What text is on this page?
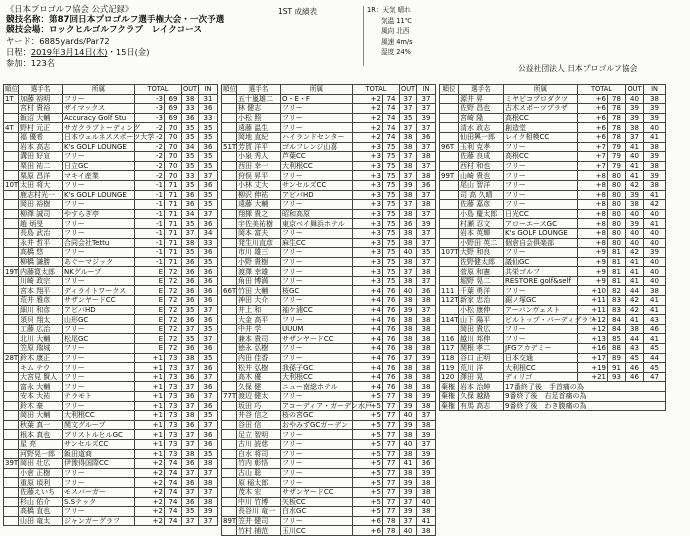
《日本プロゴルフ協会 公式記録》
競技名称：第87回日本プロゴルフ選手権大会・一次予選
競技会場：ロックヒルゴルフクラブ　レイクコース
ヤード：6885yards/Par72
日程：2019年3月14日(木)・15日(金)
参加：123名
1ST 成績表	1R：天気 晴れ
気温 11℃
風向 北西
風速 4m/s
湿度 24%
公益社団法人 日本プロゴルフ協会
順位	選手名	所属	TOTAL		OUT	IN
1T	加藤 裕明	フリー	-3	69	38	31
	宮村 貴裕	ザイマックス	-3	69	33	36
	飯沼 大輔	Accuracy Golf Stu	-3	69	36	33
4T	野村 元正	サガクラブトーディング	-2	70	35	35
	福 優希	日本ウェルネススポーツ大学	-2	70	35	35
	岩本 高志	K's GOLF LOUNGE	-2	70	34	36
	溝田 好宣	フリー	-2	70	35	35
	栗田 祐二	日立GC	-2	70	35	35
	栗原 昌洋	マキイ産業	-2	70	33	37
10T	太田 将大	フリー	-1	71	35	36
	鹿志村光一	K's GOLF LOUNGE	-1	71	36	35
	岡田 裕樹	フリー	-1	71	36	35
	柳澤 誠司	やすらぎ亭	-1	71	34	37
	趙 炳旻	フリー	-1	71	35	36
	長島 武治	フリー	-1	71	37	34
	永井 哲平	合同会社Tettu	-1	71	38	33
	高橋 悠	フリー	-1	71	35	36
	柳橋 謙勝	あぐーマジック	-1	71	36	35
19T	内藤寛太郎	NKグループ	E	72	36	36
	川崎 政宗	フリー	E	72	36	36
	宮本 翔平	ディライトワークス	E	72	36	36
	荒井 雅彦	サザンヤードCC	E	72	36	36
	細川 和彦	アビバHD	E	72	35	37
	須貝 翔太	山形GC	E	72	36	36
	工藤 広治	フリー	E	72	37	35
	北川 大輔	松尾GC	E	72	35	37
	笠原 瑞城	フリー	E	72	36	36
28T	鈴木 康正	フリー	+1	73	38	35
	キム テウ	フリー	+1	73	37	36
	大宮見 賢人	フリー	+1	73	36	37
	富永 大輔	フリー	+1	73	37	36
	安本 大祐	テラモト	+1	73	36	37
	鈴木 豪	フリー	+1	73	37	36
	岡田 大輔	大利根CC	+1	73	38	35
	秋葉 真一	関文グループ	+1	73	36	37
	根本 真也	ブリストルヒルGC	+1	73	37	36
	星 亮	サンセルズCC	+1	73	37	36
	河野晃一郎	飯田道商	+1	73	38	35
39T	岡田 壮広	伊豫得国際CC	+2	74	36	38
	小倉 正樹	フリー	+2	74	37	37
	重原 頃利	フリー	+2	74	36	38
	佐藤えいち	モスバーガー	+2	74	37	37
	杉山 佑介	S.Sテック	+2	74	36	38
	高橋 直也	フリー	+2	74	35	39
	山田 竜太	ジャンガーグラフ	+2	74	37	37
順位	選手名	所属	TOTAL		OUT	IN
	五十嵐雄二	O・E・F	+2	74	37	37
	林 健志	フリー	+2	74	37	37
	小松 照	フリー	+2	74	35	39
	遠藤 温生	フリー	+2	74	37	37
	岡地 直紀	ハイランドセンター	+2	74	38	36
51T	芳賀 洋平	ゴルフレンジ山喜	+3	75	38	37
	小泉 秀人	芦葉CC	+3	75	37	38
	西田 幸一	大利根CC	+3	75	38	37
	狩俣 昇平	フリー	+3	75	37	38
	小林 丈大	サンセルズCC	+3	75	39	36
	柳沢 伸祐	アビバHD	+3	75	38	37
	遠藤 大輔	フリー	+3	75	37	38
	翔揮 貴之	昭和高原	+3	75	38	37
	宇佐美祐樹	東京ベイ舞浜ホテル	+3	75	36	39
	岡本 富夫	フリー	+3	75	38	37
	発生川直彦	麻生CC	+3	75	38	37
	市川 雄三	フリー	+3	75	40	35
	小野 貴樹	フリー	+3	75	38	37
	渡澤 幸雄	フリー	+3	75	37	38
	角田 博満	フリー	+3	75	38	37
66T	竹田 大輔	桜GC	+4	76	40	36
	神田 大介	フリー	+4	76	38	38
	井上 和	袖ケ浦CC	+4	76	39	37
	大金 高平	フリー	+4	76	38	38
	中井 学	UUUM	+4	76	38	38
	兼本 貴司	サザンヤードCC	+4	76	38	38
	徳永 弘樹	フリー	+4	76	38	38
	内田 佳香	フリー	+4	76	37	39
	松井 弘樹	我孫子GC	+4	76	38	38
	高木 優	大利根CC	+4	76	38	38
	久保 健	ニュー南総ホテル	+4	76	38	38
77T	渡辺 健太	フリー	+5	77	38	39
	坂田 巧	アコーディア・ガーデン水戸	+5	77	39	38
	井谷 信之	桜の宮GC	+5	77	40	37
	谷田 信	おやみずGCガーデン	+5	77	39	38
	足立 智明	フリー	+5	77	38	39
	古川 読慈	フリー	+5	77	40	37
	白水 将司	フリー	+5	77	38	39
	竹内 彰悟	フリー	+5	77	41	36
	古山 聡	フリー	+5	77	38	39
	原 稲太郎	フリー	+5	77	39	38
	茂木 宏	サザンヤードCC	+5	77	39	38
	中川 竹博	矢板CC	+5	77	37	40
	長谷川 竜一	白水GC	+5	77	39	38
89T	笠井 健司	フリー	+6	78	37	41
	竹村 捕范	玉川CC	+6	78	40	38
順位	選手名	所属	TOTAL		OUT	IN
	源井 昇	ミヤビコプロダクツ	+6	78	40	38
	佐野 昌也	古木スポーツプラザ	+6	78	39	39
	宮崎 隆	高根CC	+6	78	39	39
	清水 政志	創造堂	+6	78	38	40
	仙田興一郎	レイク相模CC	+6	78	37	41
96T	玉利 克孝	フリー	+7	79	41	38
	佐藤 良成	高根CC	+7	79	40	39
	西村 和也	フリー	+7	79	41	38
99T	山崎 貴也	フリー	+8	80	41	39
	尾山 智洋	フリー	+8	80	42	38
	司 高 久晴	フリー	+8	80	39	41
	佐藤 嘉彦	フリー	+8	80	38	42
	小島 慶太郎	日光CC	+8	80	40	40
	村瀬 忍文	アローエースGC	+8	80	39	41
	岩本 英輝	K's GOLF LOUNGE	+8	80	40	40
	小野田 英二	個倉自会俱楽部	+8	80	40	40
107T	大野 和良	フリー	+9	81	42	39
	佐野健太郎	議仙GC	+9	81	41	40
	菅原 和憲	共栄ゴルフ	+9	81	41	40
	堀野 晃二	RESTORE golf&self	+9	81	41	40
111	千葉 勇洋	フリー	+10	82	44	38
112T	新家 忠治	鋸ノ塚GC	+11	83	42	41
	小松 康伸	アーバンヴェスト	+11	83	42	41
114T	山下 陽平	ビルトップ・パーディグラフ	+12	84	41	43
	岡田 貴広	フリー	+12	84	38	46
116	越川 邦伸	フリー	+13	85	44	41
117	関根 孝二	JFGアカデミー	+16	88	43	45
118	谷口 正明	日本交通	+17	89	45	44
119	荒川 洋	大利根CC	+19	91	46	45
120	澤田 晃	ディリゴ	+21	93	46	47
棄権	岩本 治紳	17番終了後　手首痛の為				
棄権	久保 越路	9番終了後　右足首痛の為				
棄権	有馬 高志	9番終了後　わき腹痛の為				
